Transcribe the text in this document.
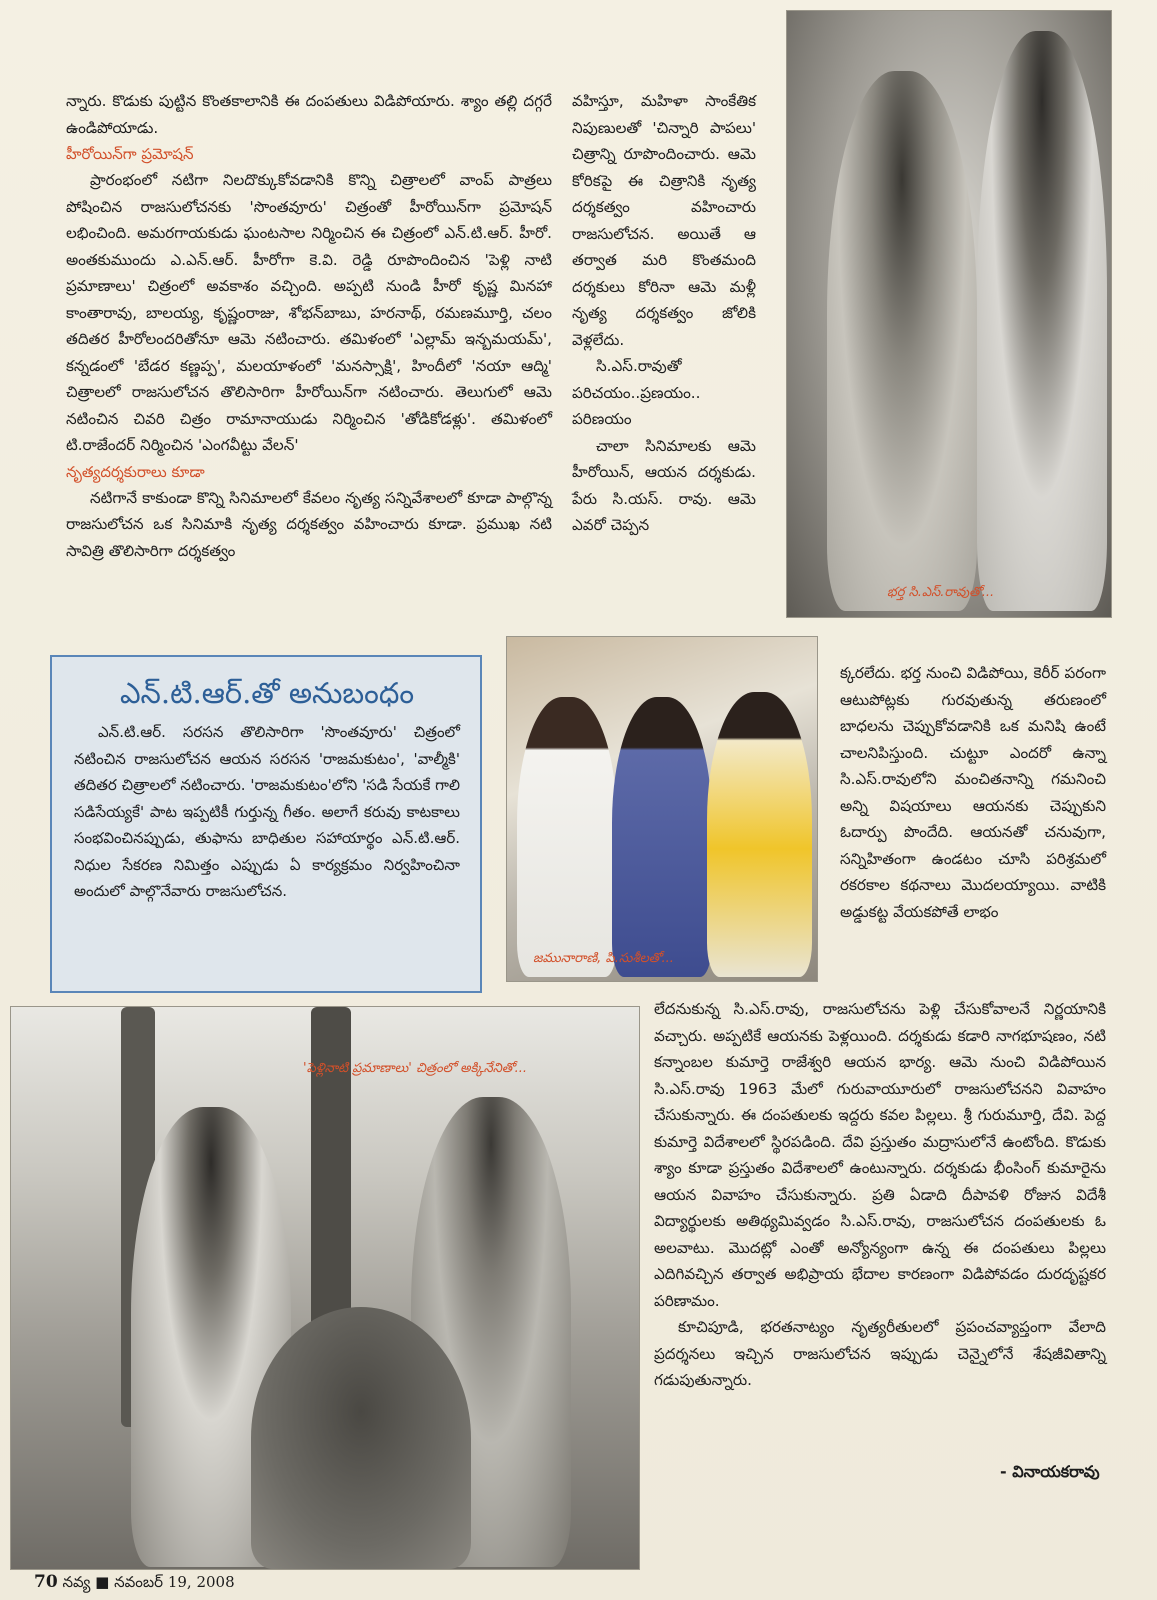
న్నారు. కొడుకు పుట్టిన కొంతకాలానికి ఈ దంపతులు విడిపోయారు. శ్యాం తల్లి దగ్గరే ఉండిపోయాడు.

హీరోయిన్‌గా ప్రమోషన్

ప్రారంభంలో నటిగా నిలదొక్కుకోవడానికి కొన్ని చిత్రాలలో వాంప్ పాత్రలు పోషించిన రాజసులోచనకు 'సొంతవూరు' చిత్రంతో హీరోయిన్‌గా ప్రమోషన్ లభించింది. అమరగాయకుడు ఘంటసాల నిర్మించిన ఈ చిత్రంలో ఎన్.టి.ఆర్. హీరో. అంతకుముందు ఎ.ఎన్.ఆర్. హీరోగా కె.వి. రెడ్డి రూపొందించిన 'పెళ్లి నాటి ప్రమాణాలు' చిత్రంలో అవకాశం వచ్చింది. అప్పటి నుండి హీరో కృష్ణ మినహా కాంతారావు, బాలయ్య, కృష్ణంరాజు, శోభన్‌బాబు, హరనాథ్, రమణమూర్తి, చలం తదితర హీరోలందరితోనూ ఆమె నటించారు. తమిళంలో 'ఎల్లామ్ ఇన్బమయమ్', కన్నడంలో 'బేడర కణ్ణప్ప', మలయాళంలో 'మనస్సాక్షి', హిందీలో 'నయా ఆద్మి' చిత్రాలలో రాజసులోచన తొలిసారిగా హీరోయిన్‌గా నటించారు. తెలుగులో ఆమె నటించిన చివరి చిత్రం రామానాయుడు నిర్మించిన 'తోడికోడళ్లు'. తమిళంలో టి.రాజేందర్ నిర్మించిన 'ఎంగవీట్టు వేలన్'

నృత్యదర్శకురాలు కూడా

నటిగానే కాకుండా కొన్ని సినిమాలలో కేవలం నృత్య సన్నివేశాలలో కూడా పాల్గొన్న రాజసులోచన ఒక సినిమాకి నృత్య దర్శకత్వం వహించారు కూడా. ప్రముఖ నటి సావిత్రి తొలిసారిగా దర్శకత్వం

వహిస్తూ, మహిళా సాంకేతిక నిపుణులతో 'చిన్నారి పాపలు' చిత్రాన్ని రూపొందించారు. ఆమె కోరికపై ఈ చిత్రానికి నృత్య దర్శకత్వం వహించారు రాజసులోచన. అయితే ఆ తర్వాత మరి కొంతమంది దర్శకులు కోరినా ఆమె మళ్లీ నృత్య దర్శకత్వం జోలికి వెళ్లలేదు.

సి.ఎస్.రావుతో పరిచయం..ప్రణయం.. పరిణయం

చాలా సినిమాలకు ఆమె హీరోయిన్, ఆయన దర్శకుడు. పేరు సి.యస్. రావు. ఆమె ఎవరో చెప్పన

భర్త సి.ఎస్.రావుతో...
ఎన్.టి.ఆర్.తో అనుబంధం
ఎన్.టి.ఆర్. సరసన తొలిసారిగా 'సొంతవూరు' చిత్రంలో నటించిన రాజసులోచన ఆయన సరసన 'రాజమకుటం', 'వాల్మీకి' తదితర చిత్రాలలో నటించారు. 'రాజమకుటం'లోని 'సడి సేయకే గాలి సడిసేయ్యకే' పాట ఇప్పటికీ గుర్తున్న గీతం. అలాగే కరువు కాటకాలు సంభవించినప్పుడు, తుఫాను బాధితుల సహాయార్థం ఎన్.టి.ఆర్. నిధుల సేకరణ నిమిత్తం ఎప్పుడు ఏ కార్యక్రమం నిర్వహించినా అందులో పాల్గొనేవారు రాజసులోచన.
జమునారాణి, పి.సుశీలతో...

క్కరలేదు. భర్త నుంచి విడిపోయి, కెరీర్ పరంగా ఆటుపోట్లకు గురవుతున్న తరుణంలో బాధలను చెప్పుకోవడానికి ఒక మనిషి ఉంటే చాలనిపిస్తుంది. చుట్టూ ఎందరో ఉన్నా సి.ఎస్.రావులోని మంచితనాన్ని గమనించి అన్ని విషయాలు ఆయనకు చెప్పుకుని ఓదార్పు పొందేది. ఆయనతో చనువుగా, సన్నిహితంగా ఉండటం చూసి పరిశ్రమలో రకరకాల కథనాలు మొదలయ్యాయి. వాటికి అడ్డుకట్ట వేయకపోతే లాభం

'పెళ్లినాటి ప్రమాణాలు' చిత్రంలో అక్కినేనితో...

లేదనుకున్న సి.ఎస్.రావు, రాజసులోచను పెళ్లి చేసుకోవాలనే నిర్ణయానికి వచ్చారు. అప్పటికే ఆయనకు పెళ్లయింది. దర్శకుడు కడారి నాగభూషణం, నటి కన్నాంబల కుమార్తె రాజేశ్వరి ఆయన భార్య. ఆమె నుంచి విడిపోయిన సి.ఎస్.రావు 1963 మేలో గురువాయూరులో రాజసులోచనని వివాహం చేసుకున్నారు. ఈ దంపతులకు ఇద్దరు కవల పిల్లలు. శ్రీ గురుమూర్తి, దేవి. పెద్ద కుమార్తె విదేశాలలో స్థిరపడింది. దేవి ప్రస్తుతం మద్రాసులోనే ఉంటోంది. కొడుకు శ్యాం కూడా ప్రస్తుతం విదేశాలలో ఉంటున్నారు. దర్శకుడు భీంసింగ్ కుమారైను ఆయన వివాహం చేసుకున్నారు. ప్రతి ఏడాది దీపావళి రోజున విదేశీ విద్యార్థులకు అతిథ్యమివ్వడం సి.ఎస్.రావు, రాజసులోచన దంపతులకు ఓ అలవాటు. మొదట్లో ఎంతో అన్యోన్యంగా ఉన్న ఈ దంపతులు పిల్లలు ఎదిగివచ్చిన తర్వాత అభిప్రాయ భేదాల కారణంగా విడిపోవడం దురదృష్టకర పరిణామం.

కూచిపూడి, భరతనాట్యం నృత్యరీతులలో ప్రపంచవ్యాప్తంగా వేలాది ప్రదర్శనలు ఇచ్చిన రాజసులోచన ఇప్పుడు చెన్నైలోనే శేషజీవితాన్ని గడుపుతున్నారు.

- వినాయకరావు
70 నవ్య ■ నవంబర్ 19, 2008
